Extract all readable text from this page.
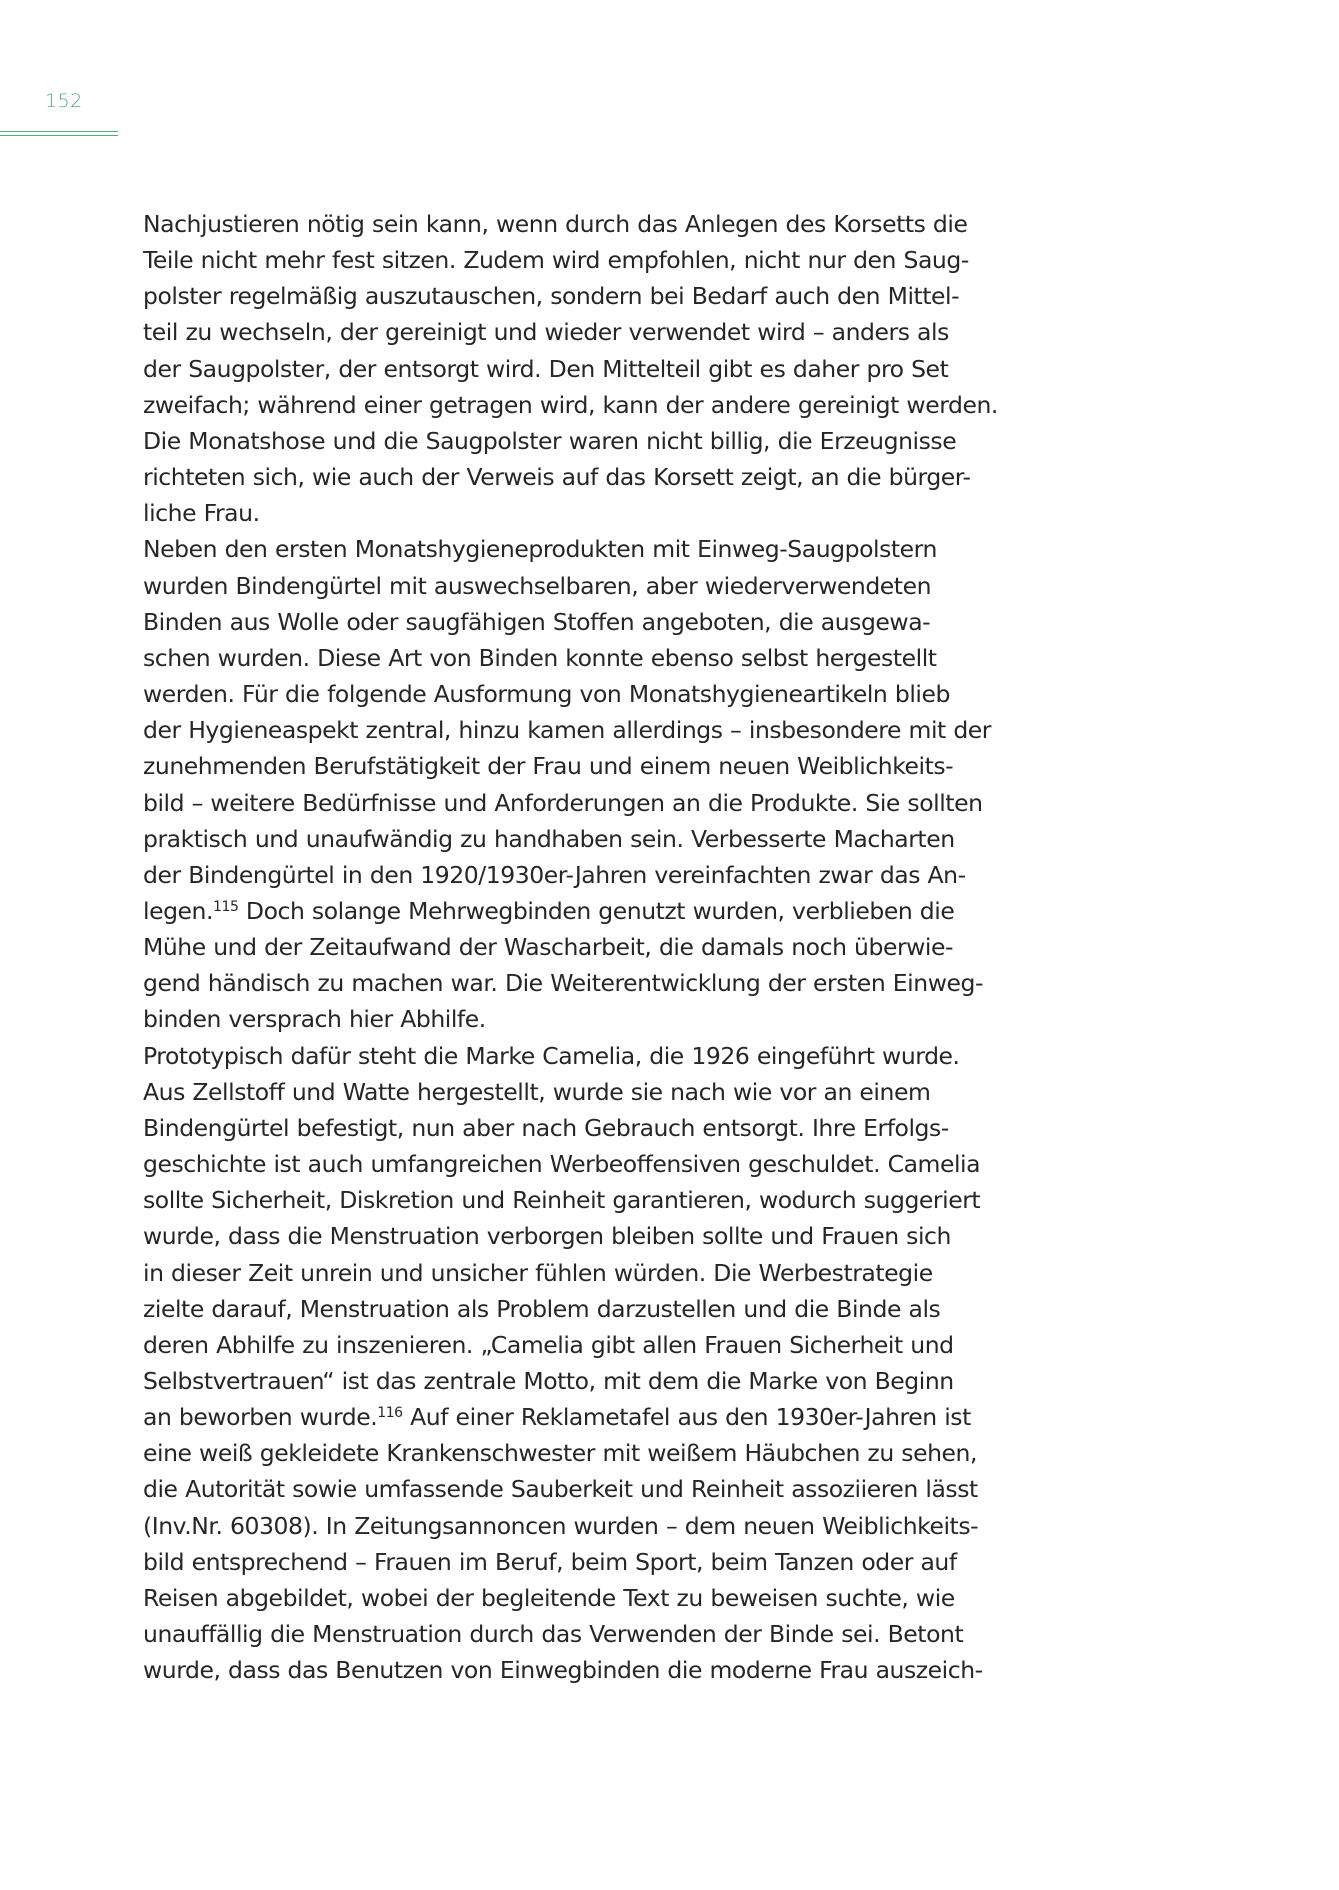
152
Nachjustieren nötig sein kann, wenn durch das Anlegen des Korsetts die
Teile nicht mehr fest sitzen. Zudem wird empfohlen, nicht nur den Saug-
polster regelmäßig auszutauschen, sondern bei Bedarf auch den Mittel-
teil zu wechseln, der gereinigt und wieder verwendet wird – anders als
der Saugpolster, der entsorgt wird. Den Mittelteil gibt es daher pro Set
zweifach; während einer getragen wird, kann der andere gereinigt werden.
Die Monatshose und die Saugpolster waren nicht billig, die Erzeugnisse
richteten sich, wie auch der Verweis auf das Korsett zeigt, an die bürger-
liche Frau.
Neben den ersten Monatshygieneprodukten mit Einweg-Saugpolstern
wurden Bindengürtel mit auswechselbaren, aber wiederverwendeten
Binden aus Wolle oder saugfähigen Stoffen angeboten, die ausgewa-
schen wurden. Diese Art von Binden konnte ebenso selbst hergestellt
werden. Für die folgende Ausformung von Monatshygieneartikeln blieb
der Hygieneaspekt zentral, hinzu kamen allerdings – insbesondere mit der
zunehmenden Berufstätigkeit der Frau und einem neuen Weiblichkeits-
bild – weitere Bedürfnisse und Anforderungen an die Produkte. Sie sollten
praktisch und unaufwändig zu handhaben sein. Verbesserte Macharten
der Bindengürtel in den 1920/1930er-Jahren vereinfachten zwar das An-
legen.$^{115}$ Doch solange Mehrwegbinden genutzt wurden, verblieben die
Mühe und der Zeitaufwand der Wascharbeit, die damals noch überwie-
gend händisch zu machen war. Die Weiterentwicklung der ersten Einweg-
binden versprach hier Abhilfe.
Prototypisch dafür steht die Marke Camelia, die 1926 eingeführt wurde.
Aus Zellstoff und Watte hergestellt, wurde sie nach wie vor an einem
Bindengürtel befestigt, nun aber nach Gebrauch entsorgt. Ihre Erfolgs-
geschichte ist auch umfangreichen Werbeoffensiven geschuldet. Camelia
sollte Sicherheit, Diskretion und Reinheit garantieren, wodurch suggeriert
wurde, dass die Menstruation verborgen bleiben sollte und Frauen sich
in dieser Zeit unrein und unsicher fühlen würden. Die Werbestrategie
zielte darauf, Menstruation als Problem darzustellen und die Binde als
deren Abhilfe zu inszenieren. „Camelia gibt allen Frauen Sicherheit und
Selbstvertrauen“ ist das zentrale Motto, mit dem die Marke von Beginn
an beworben wurde.$^{116}$ Auf einer Reklametafel aus den 1930er-Jahren ist
eine weiß gekleidete Krankenschwester mit weißem Häubchen zu sehen,
die Autorität sowie umfassende Sauberkeit und Reinheit assoziieren lässt
(Inv.Nr. 60308). In Zeitungsannoncen wurden – dem neuen Weiblichkeits-
bild entsprechend – Frauen im Beruf, beim Sport, beim Tanzen oder auf
Reisen abgebildet, wobei der begleitende Text zu beweisen suchte, wie
unauffällig die Menstruation durch das Verwenden der Binde sei. Betont
wurde, dass das Benutzen von Einwegbinden die moderne Frau auszeich-
